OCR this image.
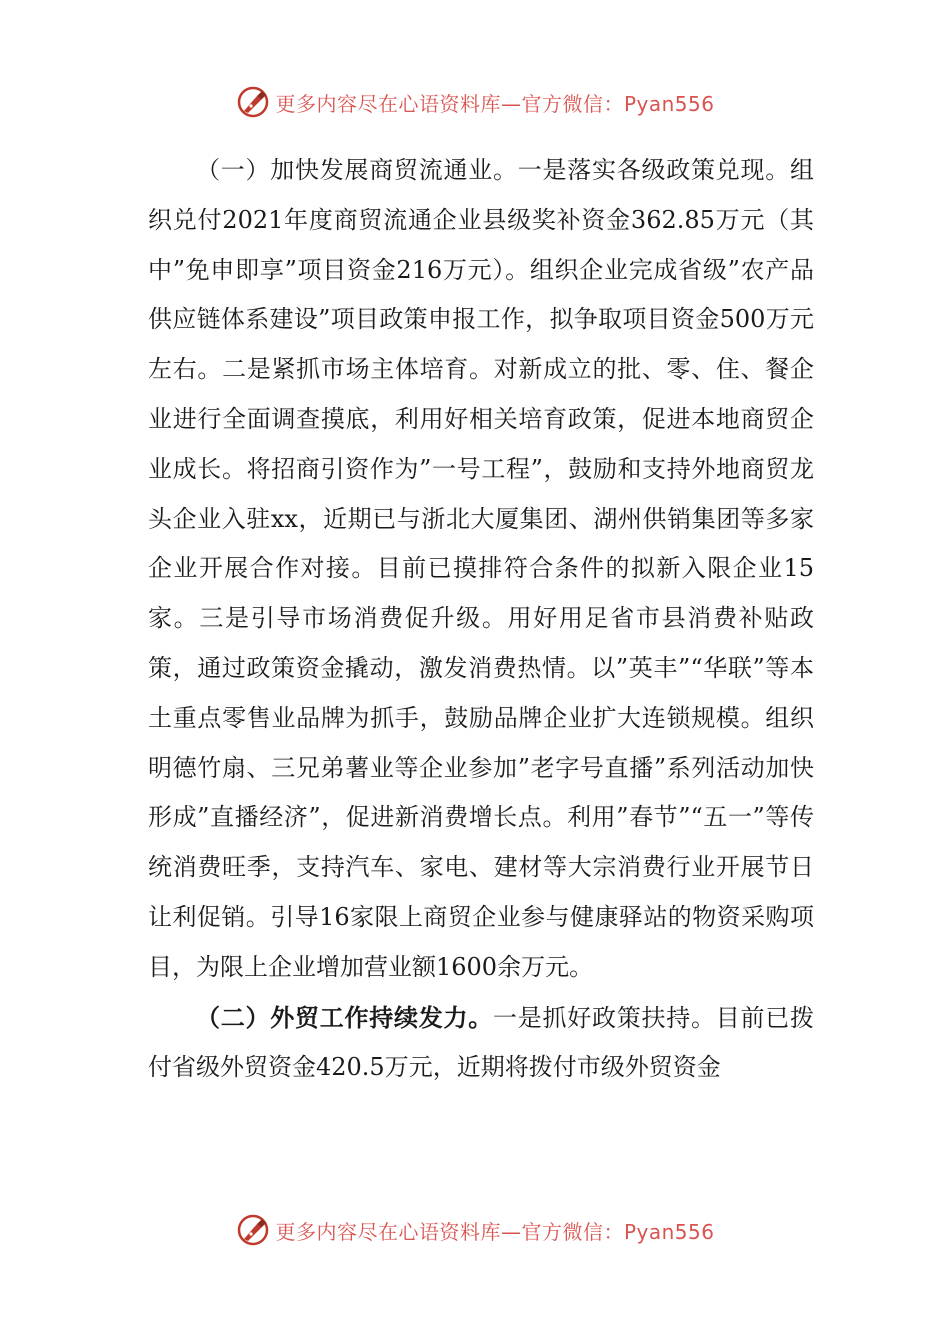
更多内容尽在心语资料库—官方微信：Pyan556

（一）加快发展商贸流通业。一是落实各级政策兑现。组织兑付2021年度商贸流通企业县级奖补资金362.85万元（其中”免申即享”项目资金216万元）。组织企业完成省级”农产品供应链体系建设”项目政策申报工作，拟争取项目资金500万元左右。二是紧抓市场主体培育。对新成立的批、零、住、餐企业进行全面调查摸底，利用好相关培育政策，促进本地商贸企业成长。将招商引资作为”一号工程”，鼓励和支持外地商贸龙头企业入驻xx，近期已与浙北大厦集团、湖州供销集团等多家企业开展合作对接。目前已摸排符合条件的拟新入限企业15家。三是引导市场消费促升级。用好用足省市县消费补贴政策，通过政策资金撬动，激发消费热情。以”英丰”“华联”等本土重点零售业品牌为抓手，鼓励品牌企业扩大连锁规模。组织明德竹扇、三兄弟薯业等企业参加”老字号直播”系列活动加快形成”直播经济”，促进新消费增长点。利用”春节”“五一”等传统消费旺季，支持汽车、家电、建材等大宗消费行业开展节日让利促销。引导16家限上商贸企业参与健康驿站的物资采购项目，为限上企业增加营业额1600余万元。

（二）外贸工作持续发力。一是抓好政策扶持。目前已拨付省级外贸资金420.5万元，近期将拨付市级外贸资金

更多内容尽在心语资料库—官方微信：Pyan556
